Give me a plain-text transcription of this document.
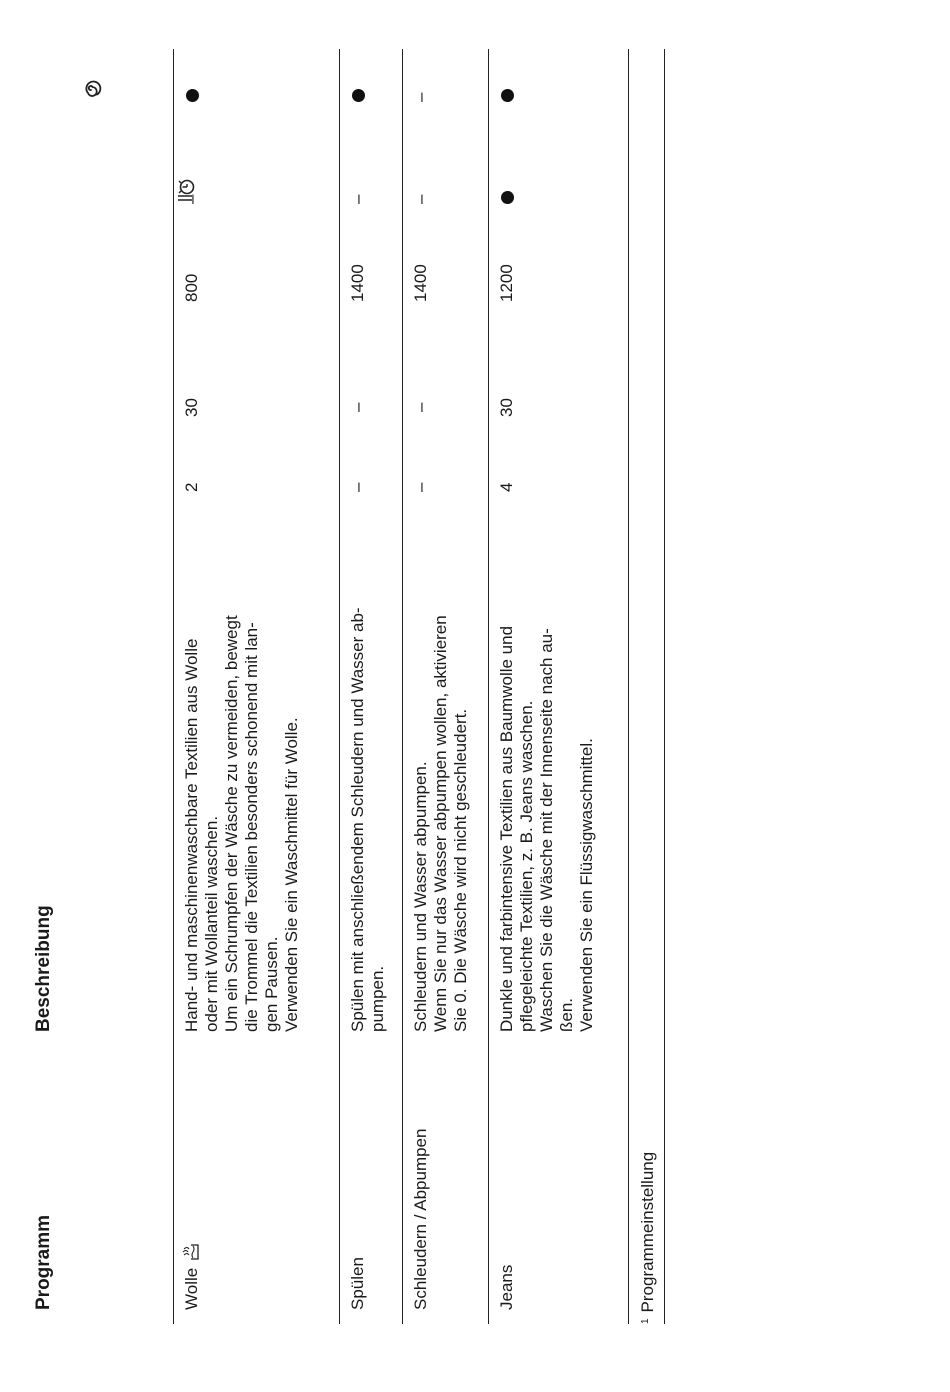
Programm
Beschreibung
Wolle
Hand- und maschinenwaschbare Textilien aus Wolle oder mit Wollanteil waschen. Um ein Schrumpfen der Wäsche zu vermeiden, bewegt die Trommel die Textilien besonders schonend mit lan- gen Pausen. Verwenden Sie ein Waschmittel für Wolle.
2
30
800
–
Spülen
Spülen mit anschließendem Schleudern und Wasser ab- pumpen.
–
–
1400
–
Schleudern / Abpumpen
Schleudern und Wasser abpumpen. Wenn Sie nur das Wasser abpumpen wollen, aktivieren Sie 0. Die Wäsche wird nicht geschleudert.
–
–
1400
–
–
Jeans
Dunkle und farbintensive Textilien aus Baumwolle und pflegeleichte Textilien, z. B. Jeans waschen. Waschen Sie die Wäsche mit der Innenseite nach au- ßen. Verwenden Sie ein Flüssigwaschmittel.
4
30
1200
$^1$Programmeinstellung
